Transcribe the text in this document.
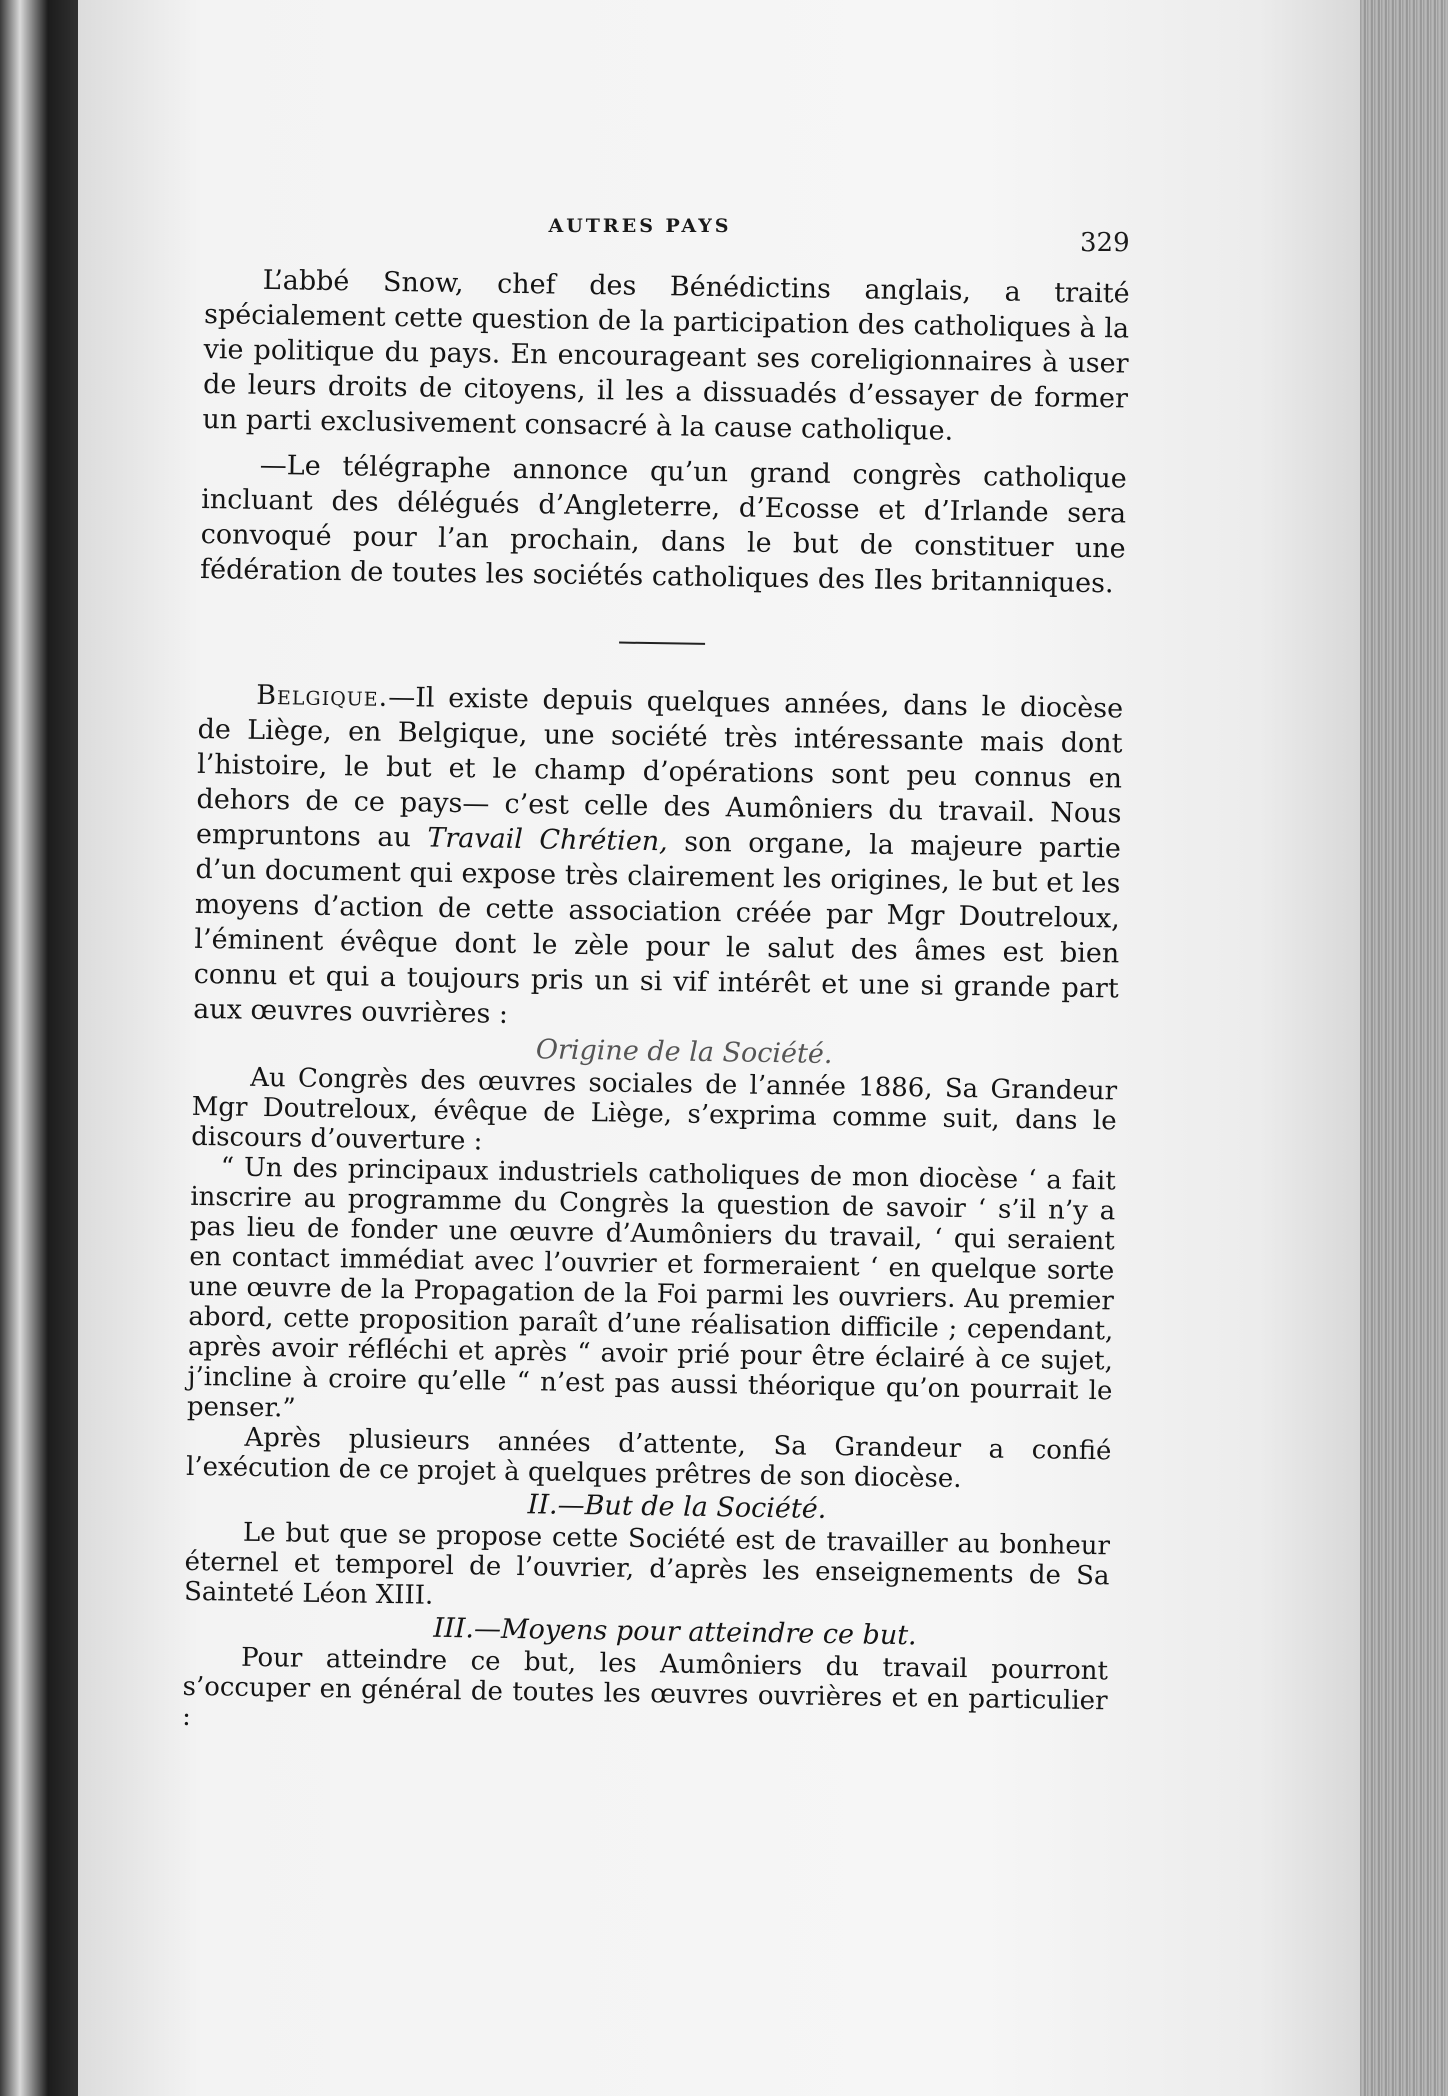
AUTRES PAYS
329

L’abbé Snow, chef des Bénédictins anglais, a traité spécialement cette question de la participation des catholiques à la vie politique du pays. En encourageant ses coreligionnaires à user de leurs droits de citoyens, il les a dissuadés d’essayer de former un parti exclusivement consacré à la cause catholique.

—Le télégraphe annonce qu’un grand congrès catholique incluant des délégués d’Angleterre, d’Ecosse et d’Irlande sera convoqué pour l’an prochain, dans le but de constituer une fédération de toutes les sociétés catholiques des Iles britanniques.

Belgique.—Il existe depuis quelques années, dans le diocèse de Liège, en Belgique, une société très intéressante mais dont l’histoire, le but et le champ d’opérations sont peu connus en dehors de ce pays— c’est celle des Aumôniers du travail. Nous empruntons au Travail Chrétien, son organe, la majeure partie d’un document qui expose très clairement les origines, le but et les moyens d’action de cette association créée par Mgr Doutreloux, l’éminent évêque dont le zèle pour le salut des âmes est bien connu et qui a toujours pris un si vif intérêt et une si grande part aux œuvres ouvrières :

Origine de la Société.

Au Congrès des œuvres sociales de l’année 1886, Sa Grandeur Mgr Doutreloux, évêque de Liège, s’exprima comme suit, dans le discours d’ouverture :

“ Un des principaux industriels catholiques de mon diocèse ‘ a fait inscrire au programme du Congrès la question de savoir ‘ s’il n’y a pas lieu de fonder une œuvre d’Aumôniers du travail, ‘ qui seraient en contact immédiat avec l’ouvrier et formeraient ‘ en quelque sorte une œuvre de la Propagation de la Foi parmi les ouvriers. Au premier abord, cette proposition paraît d’une réalisation difficile ; cependant, après avoir réfléchi et après “ avoir prié pour être éclairé à ce sujet, j’incline à croire qu’elle “ n’est pas aussi théorique qu’on pourrait le penser.”

Après plusieurs années d’attente, Sa Grandeur a confié l’exécution de ce projet à quelques prêtres de son diocèse.

II.—But de la Société.

Le but que se propose cette Société est de travailler au bonheur éternel et temporel de l’ouvrier, d’après les enseignements de Sa Sainteté Léon XIII.

III.—Moyens pour atteindre ce but.

Pour atteindre ce but, les Aumôniers du travail pourront s’occuper en général de toutes les œuvres ouvrières et en particulier :
